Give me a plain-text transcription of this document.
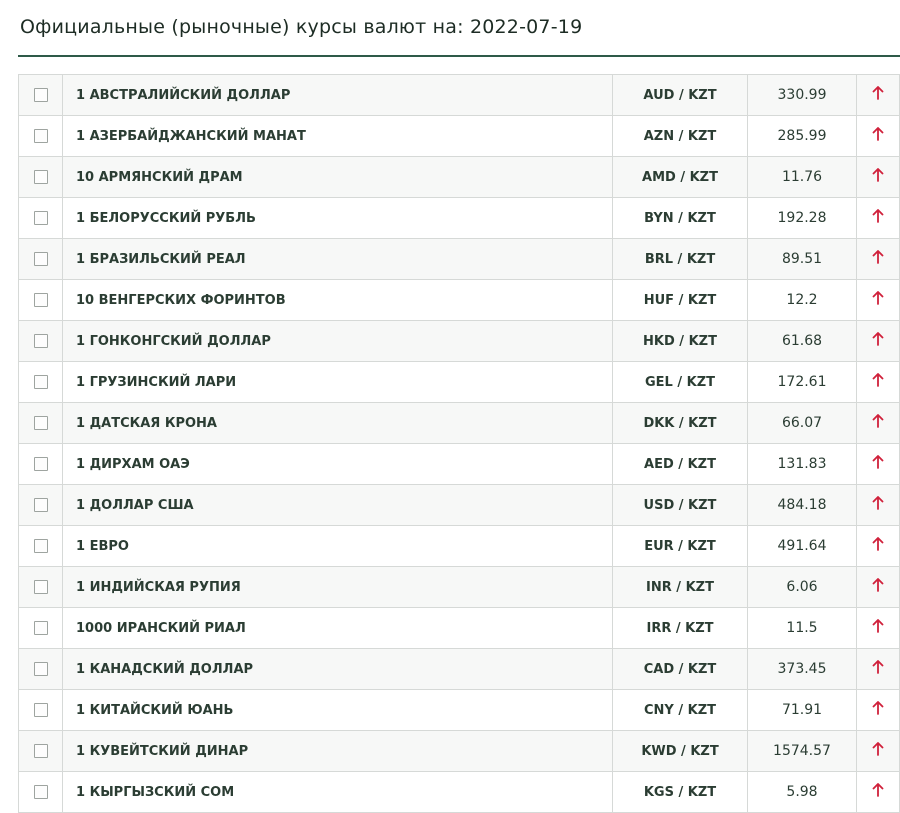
Официальные (рыночные) курсы валют на: 2022-07-19
	1 АВСТРАЛИЙСКИЙ ДОЛЛАР	AUD / KZT	330.99	
	1 АЗЕРБАЙДЖАНСКИЙ МАНАТ	AZN / KZT	285.99	
	10 АРМЯНСКИЙ ДРАМ	AMD / KZT	11.76	
	1 БЕЛОРУССКИЙ РУБЛЬ	BYN / KZT	192.28	
	1 БРАЗИЛЬСКИЙ РЕАЛ	BRL / KZT	89.51	
	10 ВЕНГЕРСКИХ ФОРИНТОВ	HUF / KZT	12.2	
	1 ГОНКОНГСКИЙ ДОЛЛАР	HKD / KZT	61.68	
	1 ГРУЗИНСКИЙ ЛАРИ	GEL / KZT	172.61	
	1 ДАТСКАЯ КРОНА	DKK / KZT	66.07	
	1 ДИРХАМ ОАЭ	AED / KZT	131.83	
	1 ДОЛЛАР США	USD / KZT	484.18	
	1 ЕВРО	EUR / KZT	491.64	
	1 ИНДИЙСКАЯ РУПИЯ	INR / KZT	6.06	
	1000 ИРАНСКИЙ РИАЛ	IRR / KZT	11.5	
	1 КАНАДСКИЙ ДОЛЛАР	CAD / KZT	373.45	
	1 КИТАЙСКИЙ ЮАНЬ	CNY / KZT	71.91	
	1 КУВЕЙТСКИЙ ДИНАР	KWD / KZT	1574.57	
	1 КЫРГЫЗСКИЙ СОМ	KGS / KZT	5.98	
